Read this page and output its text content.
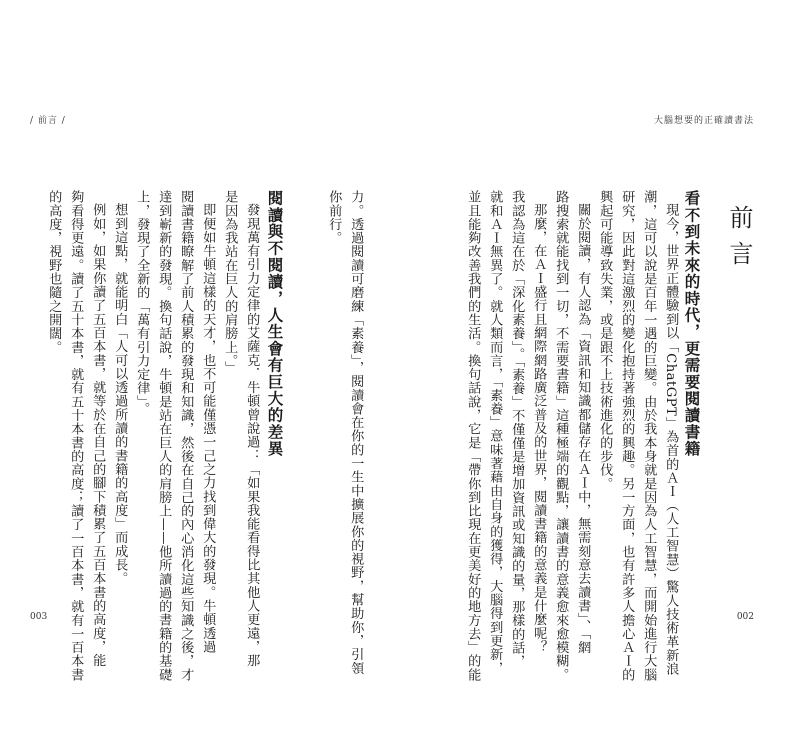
/ 前言 /	大腦想要的正確讀書法
003	002
前言
看不到未來的時代，更需要閱讀書籍
現今，世界正體驗到以「ChatGPT」為首的ＡＩ（人工智慧）驚人技術革新浪
潮，這可以說是百年一遇的巨變。由於我本身就是因為人工智慧，而開始進行大腦
研究，因此對這激烈的變化抱持著強烈的興趣。另一方面，也有許多人擔心ＡＩ的
興起可能導致失業，或是跟不上技術進化的步伐。
關於閱讀，有人認為「資訊和知識都儲存在ＡＩ中，無需刻意去讀書」、「網
路搜索就能找到一切，不需要書籍」這種極端的觀點，讓讀書的意義愈來愈模糊。
那麼，在ＡＩ盛行且網際網路廣泛普及的世界，閱讀書籍的意義是什麼呢？
我認為這在於「深化素養」。「素養」不僅僅是增加資訊或知識的量，那樣的話，
就和ＡＩ無異了。就人類而言，「素養」意味著藉由自身的獲得，大腦得到更新，
並且能夠改善我們的生活。換句話說，它是「帶你到比現在更美好的地方去」的能
力。透過閱讀可磨練「素養」，閱讀會在你的一生中擴展你的視野，幫助你，引領
你前行。
閱讀與不閱讀，人生會有巨大的差異
發現萬有引力定律的艾薩克．牛頓曾說過：「如果我能看得比其他人更遠，那
是因為我站在巨人的肩膀上。」
即便如牛頓這樣的天才，也不可能僅憑一己之力找到偉大的發現。牛頓透過
閱讀書籍瞭解了前人積累的發現和知識，然後在自己的內心消化這些知識之後，才
達到嶄新的發現。換句話說，牛頓是站在巨人的肩膀上——他所讀過的書籍的基礎
上，發現了全新的「萬有引力定律」。
想到這點，就能明白「人可以透過所讀的書籍的高度」而成長。
例如，如果你讀了五百本書，就等於在自己的腳下積累了五百本書的高度，能
夠看得更遠。讀了五十本書，就有五十本書的高度；讀了一百本書，就有一百本書
的高度，視野也隨之開闊。
